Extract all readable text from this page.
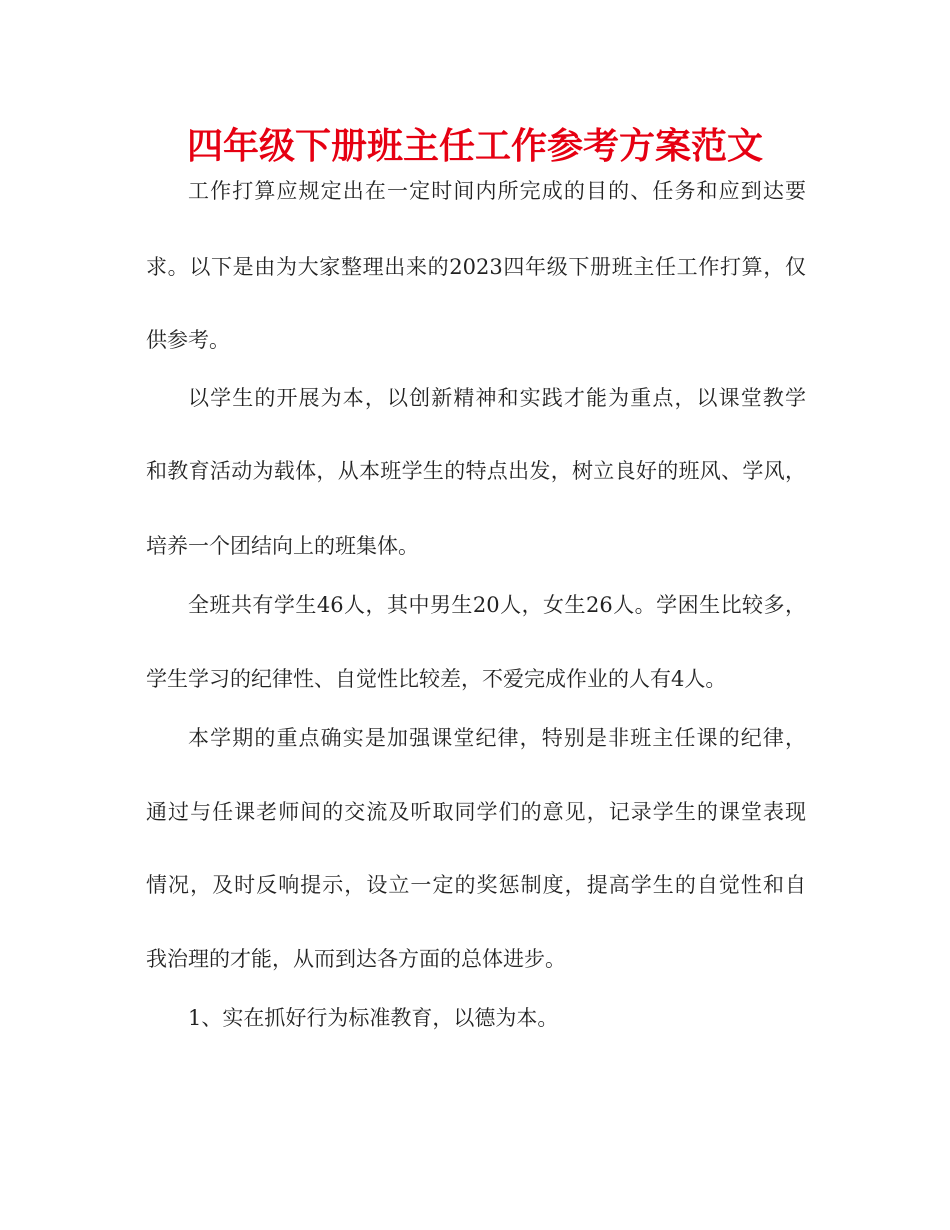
四年级下册班主任工作参考方案范文

工作打算应规定出在一定时间内所完成的目的、任务和应到达要

求。以下是由为大家整理出来的2023四年级下册班主任工作打算，仅

供参考。

以学生的开展为本，以创新精神和实践才能为重点，以课堂教学

和教育活动为载体，从本班学生的特点出发，树立良好的班风、学风，

培养一个团结向上的班集体。

全班共有学生46人，其中男生20人，女生26人。学困生比较多，

学生学习的纪律性、自觉性比较差，不爱完成作业的人有4人。

本学期的重点确实是加强课堂纪律，特别是非班主任课的纪律，

通过与任课老师间的交流及听取同学们的意见，记录学生的课堂表现

情况，及时反响提示，设立一定的奖惩制度，提高学生的自觉性和自

我治理的才能，从而到达各方面的总体进步。

1、实在抓好行为标准教育，以德为本。
